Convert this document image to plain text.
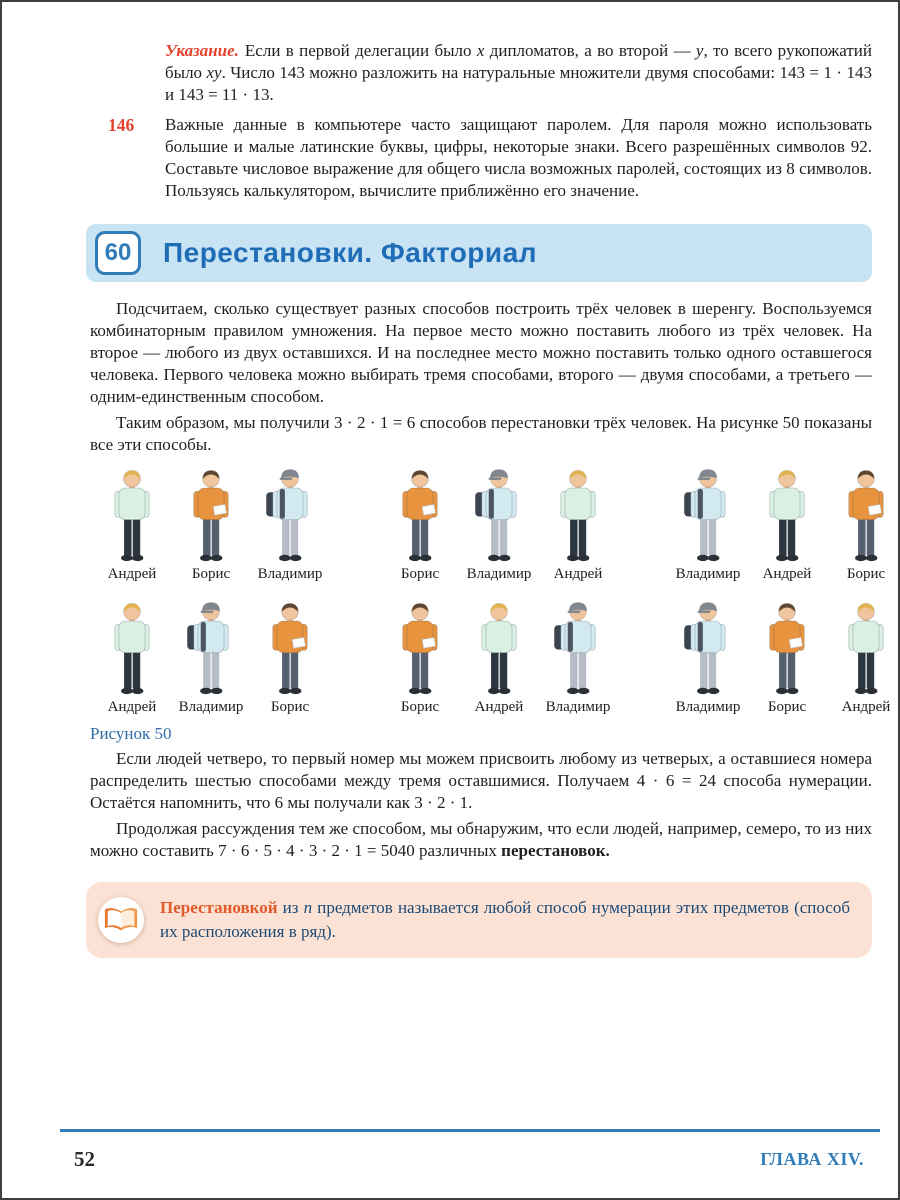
Указание. Если в первой делегации было x дипломатов, а во второй — y, то всего рукопожатий было xy. Число 143 можно разложить на натуральные множители двумя способами: 143 = 1 · 143 и 143 = 11 · 13.

146	Важные данные в компьютере часто защищают паролем. Для пароля можно использовать большие и малые латинские буквы, цифры, некоторые знаки. Всего разрешённых символов 92. Составьте числовое выражение для общего числа возможных паролей, состоящих из 8 символов. Пользуясь калькулятором, вычислите приближённо его значение.
60 Перестановки. Факториал

Подсчитаем, сколько существует разных способов построить трёх человек в шеренгу. Воспользуемся комбинаторным правилом умножения. На первое место можно поставить любого из трёх человек. На второе — любого из двух оставшихся. И на последнее место можно поставить только одного оставшегося человека. Первого человека можно выбирать тремя способами, второго — двумя способами, а третьего — одним-единственным способом.

Таким образом, мы получили 3 · 2 · 1 = 6 способов перестановки трёх человек. На рисунке 50 показаны все эти способы.

Андрей Борис Владимир	Борис Владимир Андрей	Владимир Андрей Борис
Андрей Владимир Борис	Борис Андрей Владимир	Владимир Борис Андрей

Рисунок 50

Если людей четверо, то первый номер мы можем присвоить любому из четверых, а оставшиеся номера распределить шестью способами между тремя оставшимися. Получаем 4 · 6 = 24 способа нумерации. Остаётся напомнить, что 6 мы получали как 3 · 2 · 1.

Продолжая рассуждения тем же способом, мы обнаружим, что если людей, например, семеро, то из них можно составить 7 · 6 · 5 · 4 · 3 · 2 · 1 = 5040 различных перестановок.

Перестановкой из n предметов называется любой способ нумерации этих предметов (способ их расположения в ряд).
52	ГЛАВА XIV.
